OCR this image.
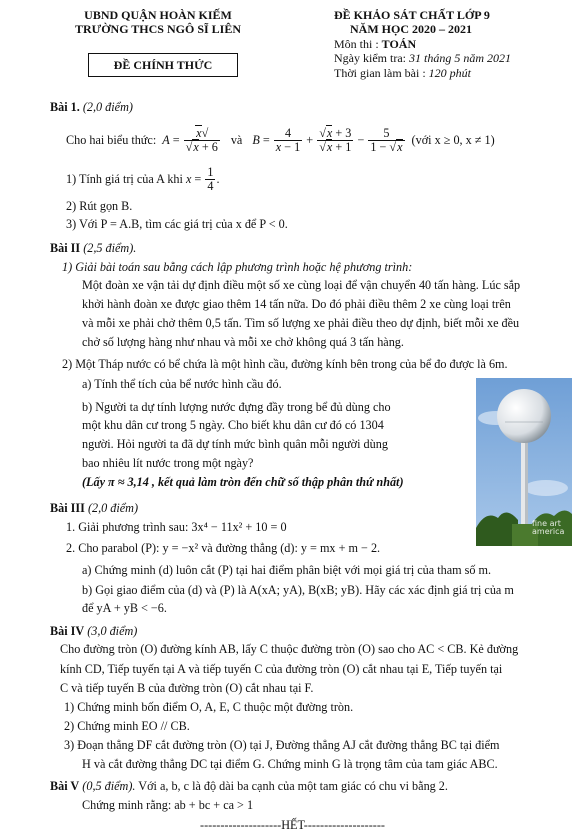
UBND QUẬN HOÀN KIẾM
TRƯỜNG THCS NGÔ SĨ LIÊN
ĐỀ CHÍNH THỨC
ĐỀ KHẢO SÁT CHẤT LỚP 9
NĂM HỌC 2020 – 2021
Môn thi : TOÁN
Ngày kiểm tra: 31 tháng 5 năm 2021
Thời gian làm bài : 120 phút
Bài 1. (2,0 điểm)
Cho hai biểu thức: $A = \frac{x√}{√x + 6}$ và $B = \frac{4}{x - 1} + \frac{√x + 3}{√x + 1} - \frac{5}{1 - √x}$ (với x ≥ 0, x ≠ 1)
1) Tính giá trị của A khi
$x = \frac{1}{4}$ .
2) Rút gọn B.
3) Với P = A.B, tìm các giá trị của x để P < 0.
Bài II (2,5 điểm).
1) Giải bài toán sau bằng cách lập phương trình hoặc hệ phương trình:
Một đoàn xe vận tải dự định điều một số xe cùng loại để vận chuyển 40 tấn hàng. Lúc sắp
khởi hành đoàn xe được giao thêm 14 tấn nữa. Do đó phải điều thêm 2 xe cùng loại trên
và mỗi xe phải chở thêm 0,5 tấn. Tìm số lượng xe phải điều theo dự định, biết mỗi xe đều
chở số lượng hàng như nhau và mỗi xe chở không quá 3 tấn hàng.
2) Một Tháp nước có bể chứa là một hình cầu, đường kính bên trong của bể đo được là 6m.
a) Tính thể tích của bể nước hình cầu đó.
b) Người ta dự tính lượng nước đựng đầy trong bể đủ dùng cho
một khu dân cư trong 5 ngày. Cho biết khu dân cư đó có 1304
người. Hỏi người ta đã dự tính mức bình quân mỗi người dùng
bao nhiêu lít nước trong một ngày?
(Lấy π ≈ 3,14 , kết quả làm tròn đến chữ số thập phân thứ nhất)
fine art america
Bài III (2,0 điểm)
1. Giải phương trình sau: 3x⁴ − 11x² + 10 = 0
2. Cho parabol (P): y = −x² và đường thẳng (d): y = mx + m − 2.
a) Chứng minh (d) luôn cắt (P) tại hai điểm phân biệt với mọi giá trị của tham số m.
b) Gọi giao điểm của (d) và (P) là A(xA; yA), B(xB; yB). Hãy các xác định giá trị của m
để yA + yB < −6.
Bài IV (3,0 điểm)
Cho đường tròn (O) đường kính AB, lấy C thuộc đường tròn (O) sao cho AC < CB. Kẻ đường
kính CD, Tiếp tuyến tại A và tiếp tuyến C của đường tròn (O) cắt nhau tại E, Tiếp tuyến tại
C và tiếp tuyến B của đường tròn (O) cắt nhau tại F.
1) Chứng minh bốn điểm O, A, E, C thuộc một đường tròn.
2) Chứng minh EO // CB.
3) Đoạn thẳng DF cắt đường tròn (O) tại J, Đường thẳng AJ cắt đường thẳng BC tại điểm
H và cắt đường thẳng DC tại điểm G. Chứng minh G là trọng tâm của tam giác ABC.
Bài V (0,5 điểm). Với a, b, c là độ dài ba cạnh của một tam giác có chu vi bằng 2.
Chứng minh rằng: ab + bc + ca > 1
--------------------HẾT--------------------
